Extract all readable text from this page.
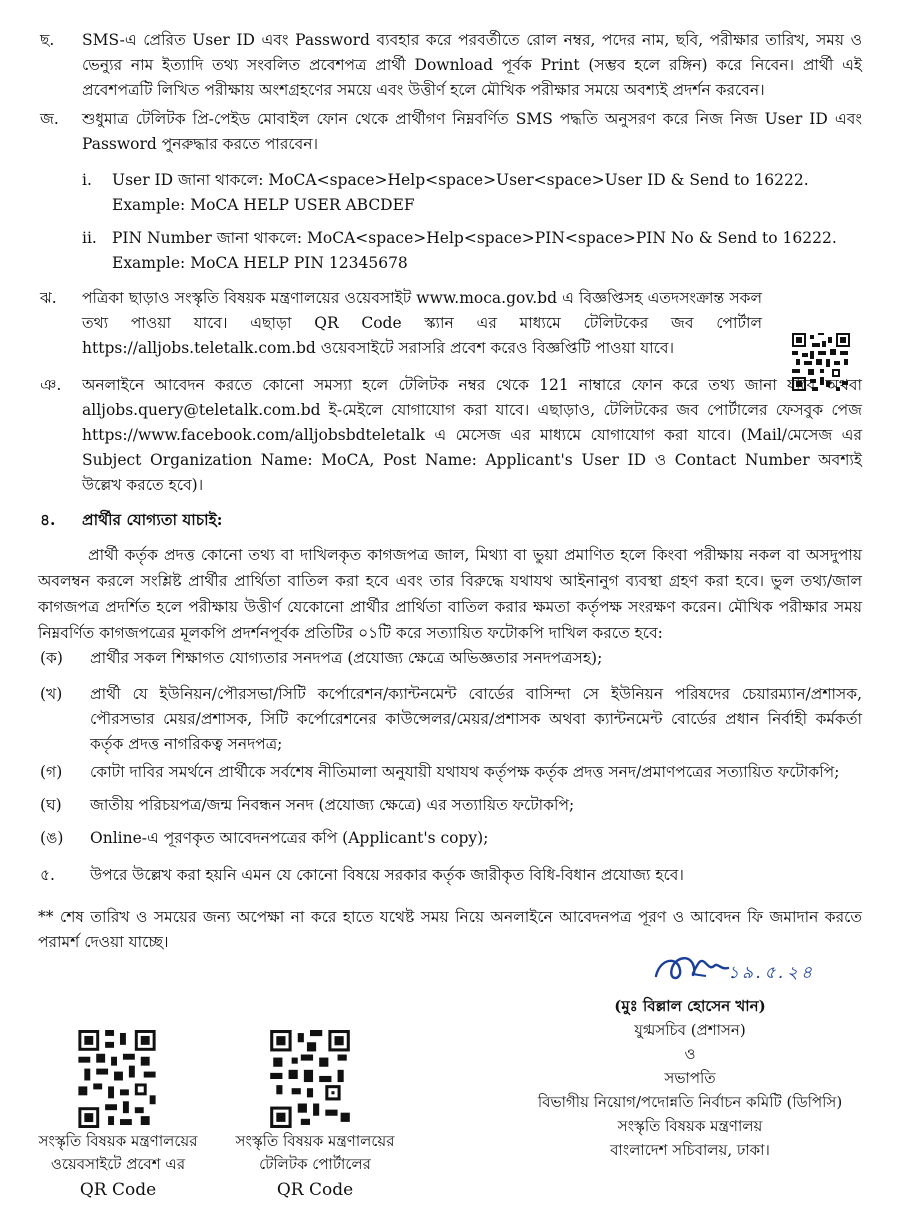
ছ. SMS-এ প্রেরিত User ID এবং Password ব্যবহার করে পরবর্তীতে রোল নম্বর, পদের নাম, ছবি, পরীক্ষার তারিখ, সময় ও ভেন্যুর নাম ইত্যাদি তথ্য সংবলিত প্রবেশপত্র প্রার্থী Download পূর্বক Print (সম্ভব হলে রঙ্গিন) করে নিবেন। প্রার্থী এই প্রবেশপত্রটি লিখিত পরীক্ষায় অংশগ্রহণের সময়ে এবং উত্তীর্ণ হলে মৌখিক পরীক্ষার সময়ে অবশ্যই প্রদর্শন করবেন।
জ. শুধুমাত্র টেলিটক প্রি-পেইড মোবাইল ফোন থেকে প্রার্থীগণ নিম্নবর্ণিত SMS পদ্ধতি অনুসরণ করে নিজ নিজ User ID এবং Password পুনরুদ্ধার করতে পারবেন।
i. User ID জানা থাকলে: MoCA<space>Help<space>User<space>User ID & Send to 16222.
Example: MoCA HELP USER ABCDEF
ii. PIN Number জানা থাকলে: MoCA<space>Help<space>PIN<space>PIN No & Send to 16222.
Example: MoCA HELP PIN 12345678
ঝ. পত্রিকা ছাড়াও সংস্কৃতি বিষয়ক মন্ত্রণালয়ের ওয়েবসাইট www.moca.gov.bd এ বিজ্ঞপ্তিসহ এতদসংক্রান্ত সকল তথ্য পাওয়া যাবে। এছাড়া QR Code স্ক্যান এর মাধ্যমে টেলিটকের জব পোর্টাল https://alljobs.teletalk.com.bd ওয়েবসাইটে সরাসরি প্রবেশ করেও বিজ্ঞপ্তিটি পাওয়া যাবে।
ঞ. অনলাইনে আবেদন করতে কোনো সমস্যা হলে টেলিটক নম্বর থেকে 121 নাম্বারে ফোন করে তথ্য জানা যাবে অথবা alljobs.query@teletalk.com.bd ই-মেইলে যোগাযোগ করা যাবে। এছাড়াও, টেলিটকের জব পোর্টালের ফেসবুক পেজ https://www.facebook.com/alljobsbdteletalk এ মেসেজ এর মাধ্যমে যোগাযোগ করা যাবে। (Mail/মেসেজ এর Subject Organization Name: MoCA, Post Name: Applicant's User ID ও Contact Number অবশ্যই উল্লেখ করতে হবে)।
৪. প্রার্থীর যোগ্যতা যাচাই:
প্রার্থী কর্তৃক প্রদত্ত কোনো তথ্য বা দাখিলকৃত কাগজপত্র জাল, মিথ্যা বা ভুয়া প্রমাণিত হলে কিংবা পরীক্ষায় নকল বা অসদুপায় অবলম্বন করলে সংশ্লিষ্ট প্রার্থীর প্রার্থিতা বাতিল করা হবে এবং তার বিরুদ্ধে যথাযথ আইনানুগ ব্যবস্থা গ্রহণ করা হবে। ভুল তথ্য/জাল কাগজপত্র প্রদর্শিত হলে পরীক্ষায় উত্তীর্ণ যেকোনো প্রার্থীর প্রার্থিতা বাতিল করার ক্ষমতা কর্তৃপক্ষ সংরক্ষণ করেন। মৌখিক পরীক্ষার সময় নিম্নবর্ণিত কাগজপত্রের মূলকপি প্রদর্শনপূর্বক প্রতিটির ০১টি করে সত্যায়িত ফটোকপি দাখিল করতে হবে:
(ক) প্রার্থীর সকল শিক্ষাগত যোগ্যতার সনদপত্র (প্রযোজ্য ক্ষেত্রে অভিজ্ঞতার সনদপত্রসহ);
(খ) প্রার্থী যে ইউনিয়ন/পৌরসভা/সিটি কর্পোরেশন/ক্যান্টনমেন্ট বোর্ডের বাসিন্দা সে ইউনিয়ন পরিষদের চেয়ারম্যান/প্রশাসক, পৌরসভার মেয়র/প্রশাসক, সিটি কর্পোরেশনের কাউন্সেলর/মেয়র/প্রশাসক অথবা ক্যান্টনমেন্ট বোর্ডের প্রধান নির্বাহী কর্মকর্তা কর্তৃক প্রদত্ত নাগরিকত্ব সনদপত্র;
(গ) কোটা দাবির সমর্থনে প্রার্থীকে সর্বশেষ নীতিমালা অনুযায়ী যথাযথ কর্তৃপক্ষ কর্তৃক প্রদত্ত সনদ/প্রমাণপত্রের সত্যায়িত ফটোকপি;
(ঘ) জাতীয় পরিচয়পত্র/জন্ম নিবন্ধন সনদ (প্রযোজ্য ক্ষেত্রে) এর সত্যায়িত ফটোকপি;
(ঙ) Online-এ পূরণকৃত আবেদনপত্রের কপি (Applicant's copy);
৫. উপরে উল্লেখ করা হয়নি এমন যে কোনো বিষয়ে সরকার কর্তৃক জারীকৃত বিধি-বিধান প্রযোজ্য হবে।
** শেষ তারিখ ও সময়ের জন্য অপেক্ষা না করে হাতে যথেষ্ট সময় নিয়ে অনলাইনে আবেদনপত্র পূরণ ও আবেদন ফি জমাদান করতে পরামর্শ দেওয়া যাচ্ছে।
১৯.৫.২৪
(মুঃ বিল্লাল হোসেন খান)
যুগ্মসচিব (প্রশাসন)
ও
সভাপতি
বিভাগীয় নিয়োগ/পদোন্নতি নির্বাচন কমিটি (ডিপিসি)
সংস্কৃতি বিষয়ক মন্ত্রণালয়
বাংলাদেশ সচিবালয়, ঢাকা।
সংস্কৃতি বিষয়ক মন্ত্রণালয়ের
ওয়েবসাইটে প্রবেশ এর
QR Code
সংস্কৃতি বিষয়ক মন্ত্রণালয়ের
টেলিটক পোর্টালের
QR Code
